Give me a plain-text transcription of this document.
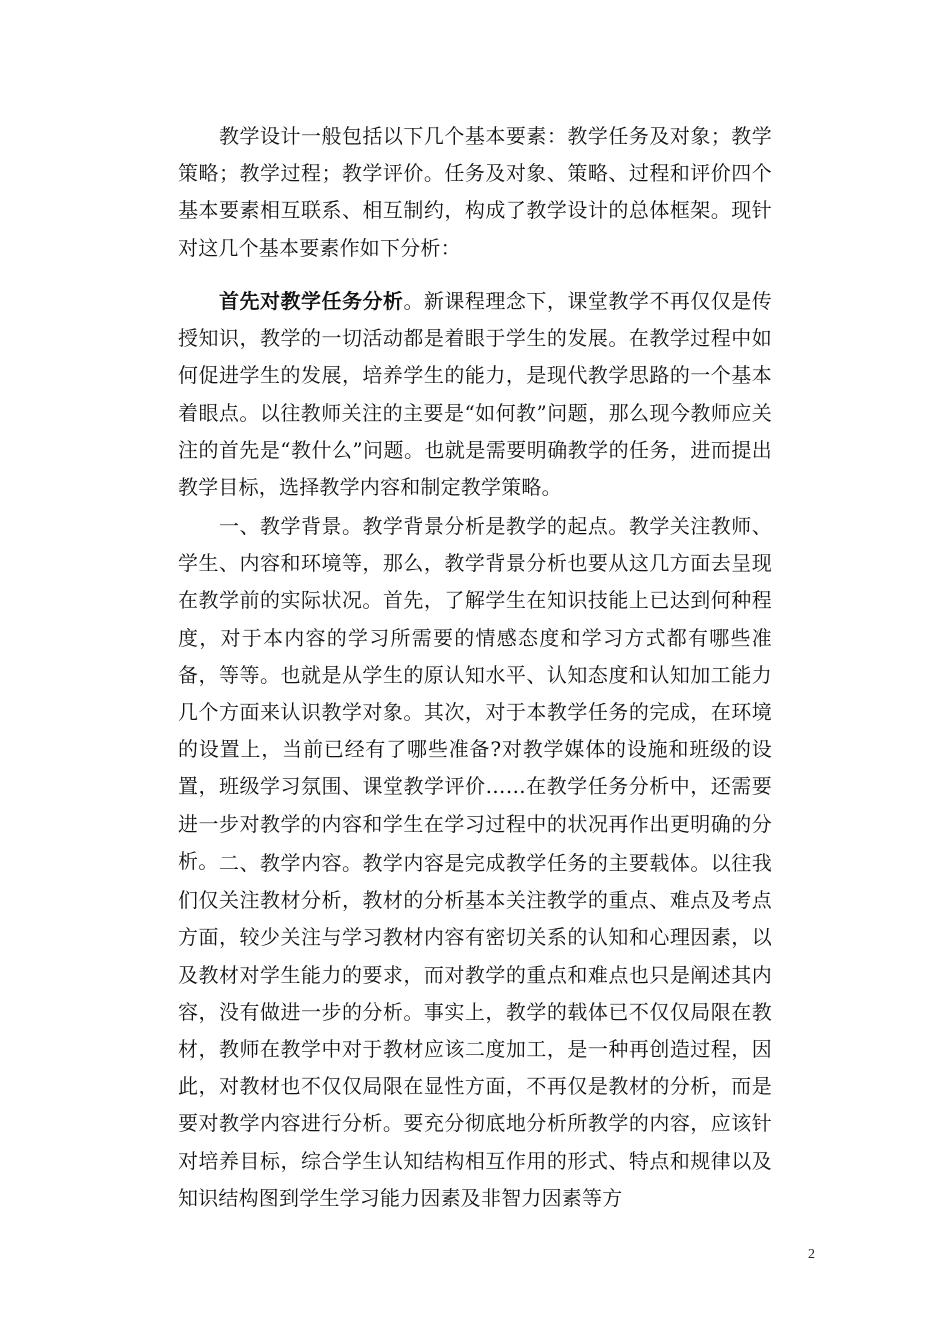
教学设计一般包括以下几个基本要素：教学任务及对象；教学策略；教学过程；教学评价。任务及对象、策略、过程和评价四个基本要素相互联系、相互制约，构成了教学设计的总体框架。现针对这几个基本要素作如下分析：

首先对教学任务分析。新课程理念下，课堂教学不再仅仅是传授知识，教学的一切活动都是着眼于学生的发展。在教学过程中如何促进学生的发展，培养学生的能力，是现代教学思路的一个基本着眼点。以往教师关注的主要是“如何教”问题，那么现今教师应关注的首先是“教什么”问题。也就是需要明确教学的任务，进而提出教学目标，选择教学内容和制定教学策略。

一、教学背景。教学背景分析是教学的起点。教学关注教师、学生、内容和环境等，那么，教学背景分析也要从这几方面去呈现在教学前的实际状况。首先，了解学生在知识技能上已达到何种程度，对于本内容的学习所需要的情感态度和学习方式都有哪些准备，等等。也就是从学生的原认知水平、认知态度和认知加工能力几个方面来认识教学对象。其次，对于本教学任务的完成，在环境的设置上，当前已经有了哪些准备?对教学媒体的设施和班级的设置，班级学习氛围、课堂教学评价……在教学任务分析中，还需要进一步对教学的内容和学生在学习过程中的状况再作出更明确的分析。 二、教学内容。教学内容是完成教学任务的主要载体。以往我们仅关注教材分析，教材的分析基本关注教学的重点、难点及考点方面，较少关注与学习教材内容有密切关系的认知和心理因素，以及教材对学生能力的要求，而对教学的重点和难点也只是阐述其内容，没有做进一步的分析。事实上，教学的载体已不仅仅局限在教材，教师在教学中对于教材应该二度加工，是一种再创造过程，因此，对教材也不仅仅局限在显性方面，不再仅是教材的分析，而是要对教学内容进行分析。要充分彻底地分析所教学的内容，应该针对培养目标，综合学生认知结构相互作用的形式、特点和规律以及知识结构图到学生学习能力因素及非智力因素等方

2
